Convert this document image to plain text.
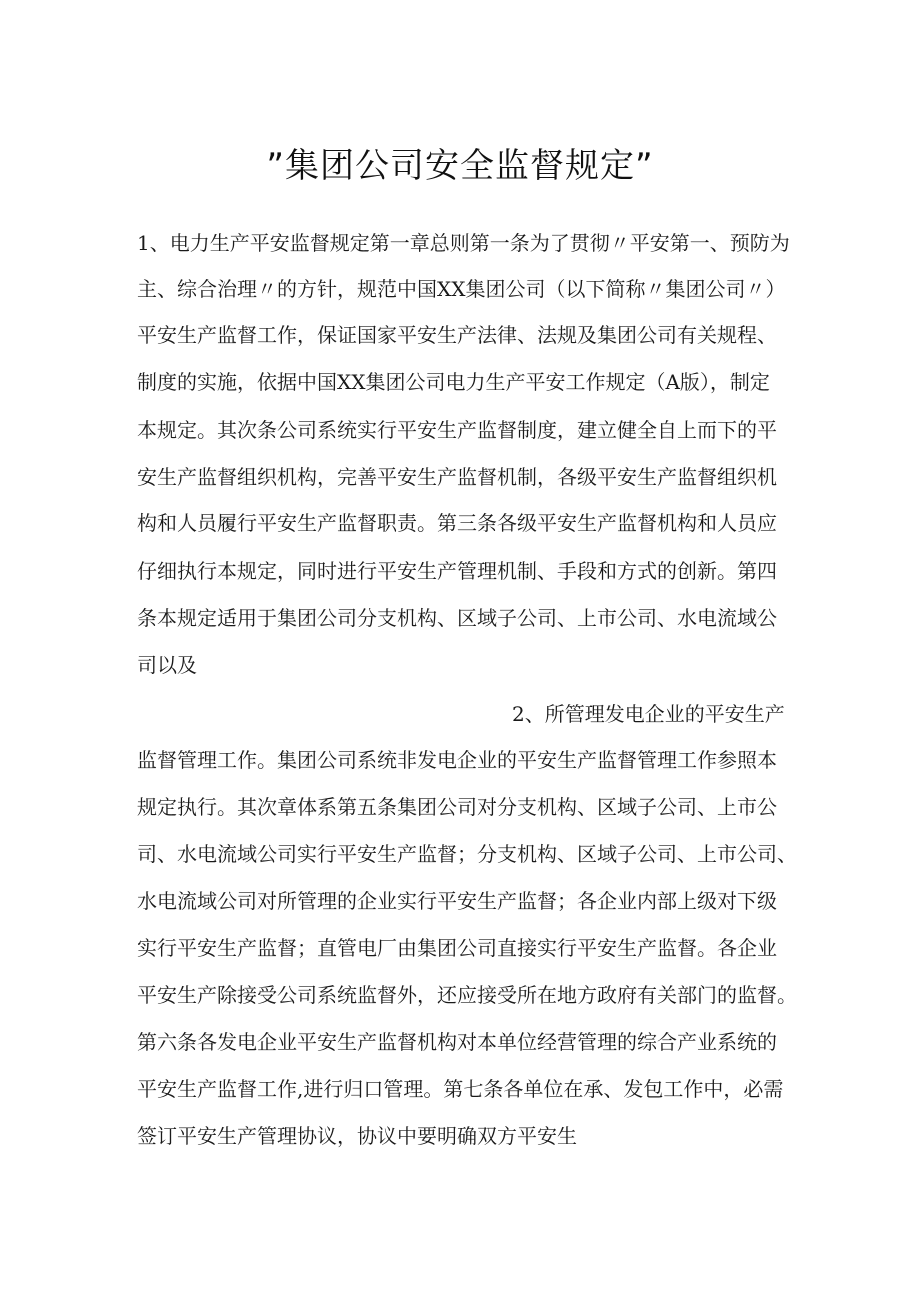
”集团公司安全监督规定”

1、电力生产平安监督规定第一章总则第一条为了贯彻〃平安第一、预防为

主、综合治理〃的方针，规范中国XX集团公司（以下简称〃集团公司〃）

平安生产监督工作，保证国家平安生产法律、法规及集团公司有关规程、

制度的实施，依据中国XX集团公司电力生产平安工作规定（A版），制定

本规定。其次条公司系统实行平安生产监督制度，建立健全自上而下的平

安生产监督组织机构，完善平安生产监督机制，各级平安生产监督组织机

构和人员履行平安生产监督职责。第三条各级平安生产监督机构和人员应

仔细执行本规定，同时进行平安生产管理机制、手段和方式的创新。第四

条本规定适用于集团公司分支机构、区域子公司、上市公司、水电流域公

司以及

2、所管理发电企业的平安生产

监督管理工作。集团公司系统非发电企业的平安生产监督管理工作参照本

规定执行。其次章体系第五条集团公司对分支机构、区域子公司、上市公

司、水电流域公司实行平安生产监督；分支机构、区域子公司、上市公司、

水电流域公司对所管理的企业实行平安生产监督；各企业内部上级对下级

实行平安生产监督；直管电厂由集团公司直接实行平安生产监督。各企业

平安生产除接受公司系统监督外，还应接受所在地方政府有关部门的监督。

第六条各发电企业平安生产监督机构对本单位经营管理的综合产业系统的

平安生产监督工作,进行归口管理。第七条各单位在承、发包工作中，必需

签订平安生产管理协议，协议中要明确双方平安生
